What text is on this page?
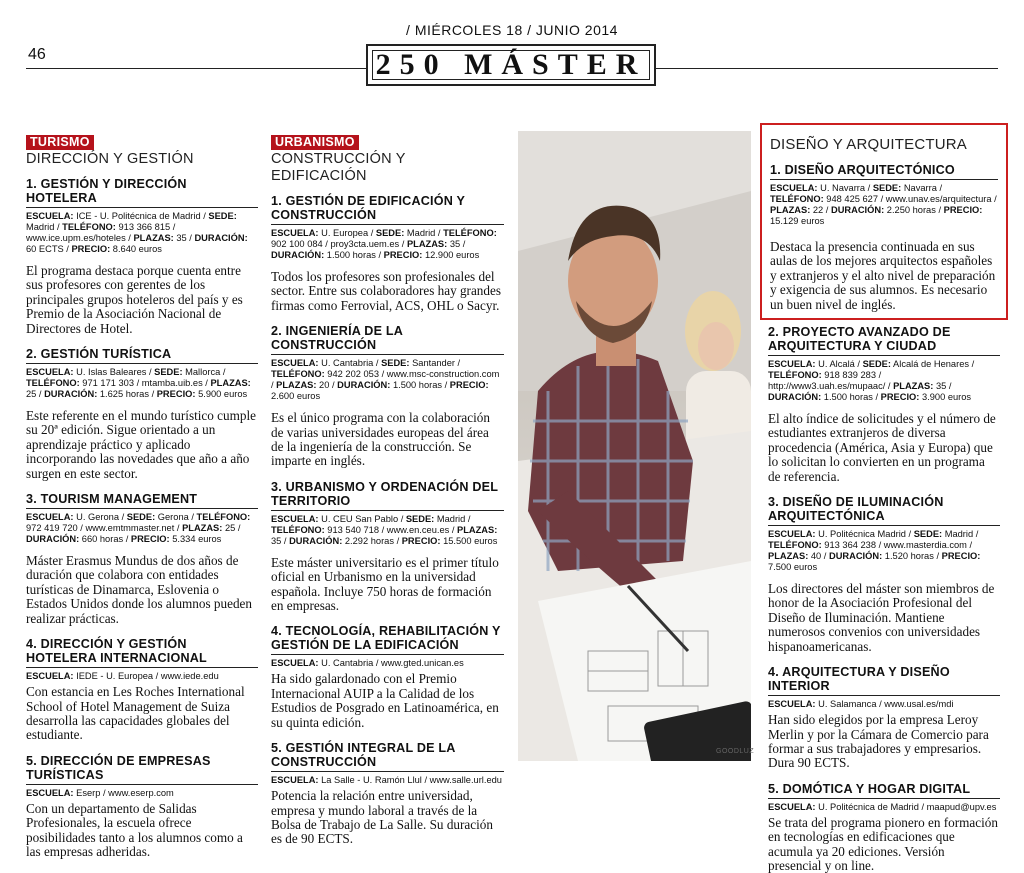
/ MIÉRCOLES 18 / JUNIO 2014
46	250 MÁSTER
TURISMO
DIRECCIÓN Y GESTIÓN
1. GESTIÓN Y DIRECCIÓN HOTELERA
ESCUELA: ICE - U. Politécnica de Madrid / SEDE: Madrid / TELÉFONO: 913 366 815 / www.ice.upm.es/hoteles / PLAZAS: 35 / DURACIÓN: 60 ECTS / PRECIO: 8.640 euros
El programa destaca porque cuenta entre sus profesores con gerentes de los principales grupos hoteleros del país y es Premio de la Asociación Nacional de Directores de Hotel.
2. GESTIÓN TURÍSTICA
ESCUELA: U. Islas Baleares / SEDE: Mallorca / TELÉFONO: 971 171 303 / mtamba.uib.es / PLAZAS: 25 / DURACIÓN: 1.625 horas / PRECIO: 5.900 euros
Este referente en el mundo turístico cumple su 20ª edición. Sigue orientado a un aprendizaje práctico y aplicado incorporando las novedades que año a año surgen en este sector.
3. TOURISM MANAGEMENT
ESCUELA: U. Gerona / SEDE: Gerona / TELÉFONO: 972 419 720 / www.emtmmaster.net / PLAZAS: 25 / DURACIÓN: 660 horas / PRECIO: 5.334 euros
Máster Erasmus Mundus de dos años de duración que colabora con entidades turísticas de Dinamarca, Eslovenia o Estados Unidos donde los alumnos pueden realizar prácticas.
4. DIRECCIÓN Y GESTIÓN HOTELERA INTERNACIONAL
ESCUELA: IEDE - U. Europea / www.iede.edu
Con estancia en Les Roches International School of Hotel Management de Suiza desarrolla las capacidades globales del estudiante.
5. DIRECCIÓN DE EMPRESAS TURÍSTICAS
ESCUELA: Eserp / www.eserp.com
Con un departamento de Salidas Profesionales, la escuela ofrece posibilidades tanto a los alumnos como a las empresas adheridas.
URBANISMO
CONSTRUCCIÓN Y EDIFICACIÓN
1. GESTIÓN DE EDIFICACIÓN Y CONSTRUCCIÓN
ESCUELA: U. Europea / SEDE: Madrid / TELÉFONO: 902 100 084 / proy3cta.uem.es / PLAZAS: 35 / DURACIÓN: 1.500 horas / PRECIO: 12.900 euros
Todos los profesores son profesionales del sector. Entre sus colaboradores hay grandes firmas como Ferrovial, ACS, OHL o Sacyr.
2. INGENIERÍA DE LA CONSTRUCCIÓN
ESCUELA: U. Cantabria / SEDE: Santander / TELÉFONO: 942 202 053 / www.msc-construction.com / PLAZAS: 20 / DURACIÓN: 1.500 horas / PRECIO: 2.600 euros
Es el único programa con la colaboración de varias universidades europeas del área de la ingeniería de la construcción. Se imparte en inglés.
3. URBANISMO Y ORDENACIÓN DEL TERRITORIO
ESCUELA: U. CEU San Pablo / SEDE: Madrid / TELÉFONO: 913 540 718 / www.en.ceu.es / PLAZAS: 35 / DURACIÓN: 2.292 horas / PRECIO: 15.500 euros
Este máster universitario es el primer título oficial en Urbanismo en la universidad española. Incluye 750 horas de formación en empresas.
4. TECNOLOGÍA, REHABILITACIÓN Y GESTIÓN DE LA EDIFICACIÓN
ESCUELA: U. Cantabria / www.gted.unican.es
Ha sido galardonado con el Premio Internacional AUIP a la Calidad de los Estudios de Posgrado en Latinoamérica, en su quinta edición.
5. GESTIÓN INTEGRAL DE LA CONSTRUCCIÓN
ESCUELA: La Salle - U. Ramón Llul / www.salle.url.edu
Potencia la relación entre universidad, empresa y mundo laboral a través de la Bolsa de Trabajo de La Salle. Su duración es de 90 ECTS.
GOODLUZ
DISEÑO Y ARQUITECTURA
1. DISEÑO ARQUITECTÓNICO
ESCUELA: U. Navarra / SEDE: Navarra / TELÉFONO: 948 425 627 / www.unav.es/arquitectura / PLAZAS: 22 / DURACIÓN: 2.250 horas / PRECIO: 15.129 euros
Destaca la presencia continuada en sus aulas de los mejores arquitectos españoles y extranjeros y el alto nivel de preparación y exigencia de sus alumnos. Es necesario un buen nivel de inglés.
2. PROYECTO AVANZADO DE ARQUITECTURA Y CIUDAD
ESCUELA: U. Alcalá / SEDE: Alcalá de Henares / TELÉFONO: 918 839 283 / http://www3.uah.es/mupaac/ / PLAZAS: 35 / DURACIÓN: 1.500 horas / PRECIO: 3.900 euros
El alto índice de solicitudes y el número de estudiantes extranjeros de diversa procedencia (América, Asia y Europa) que lo solicitan lo convierten en un programa de referencia.
3. DISEÑO DE ILUMINACIÓN ARQUITECTÓNICA
ESCUELA: U. Politécnica Madrid / SEDE: Madrid / TELÉFONO: 913 364 238 / www.masterdia.com / PLAZAS: 40 / DURACIÓN: 1.520 horas / PRECIO: 7.500 euros
Los directores del máster son miembros de honor de la Asociación Profesional del Diseño de Iluminación. Mantiene numerosos convenios con universidades hispanoamericanas.
4. ARQUITECTURA Y DISEÑO INTERIOR
ESCUELA: U. Salamanca / www.usal.es/mdi
Han sido elegidos por la empresa Leroy Merlin y por la Cámara de Comercio para formar a sus trabajadores y empresarios. Dura 90 ECTS.
5. DOMÓTICA Y HOGAR DIGITAL
ESCUELA: U. Politécnica de Madrid / maapud@upv.es
Se trata del programa pionero en formación en tecnologías en edificaciones que acumula ya 20 ediciones. Versión presencial y on line.
